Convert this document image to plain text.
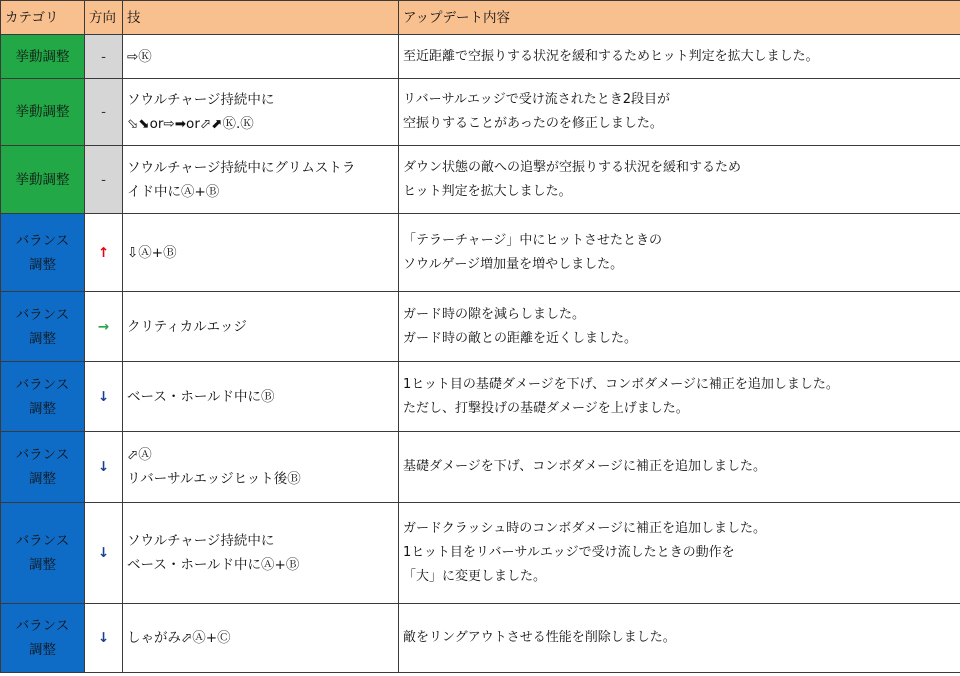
カテゴリ	方向	技	アップデート内容

挙動調整	-	⇨Ⓚ	至近距離で空振りする状況を緩和するためヒット判定を拡大しました。

挙動調整	-	ソウルチャージ持続中に
⬂⬊or⇨➡or⬀⬈Ⓚ.Ⓚ	リバーサルエッジで受け流されたとき2段目が
空振りすることがあったのを修正しました。

挙動調整	-	ソウルチャージ持続中にグリムストラ
イド中にⒶ+Ⓑ	ダウン状態の敵への追撃が空振りする状況を緩和するため
ヒット判定を拡大しました。

バランス
調整	↑	⇩Ⓐ+Ⓑ	「テラーチャージ」中にヒットさせたときの
ソウルゲージ増加量を増やしました。

バランス
調整	→	クリティカルエッジ	ガード時の隙を減らしました。
ガード時の敵との距離を近くしました。

バランス
調整	↓	ベース・ホールド中にⒷ	1ヒット目の基礎ダメージを下げ、コンボダメージに補正を追加しました。
ただし、打撃投げの基礎ダメージを上げました。

バランス
調整	↓	⬀Ⓐ
リバーサルエッジヒット後Ⓑ	基礎ダメージを下げ、コンボダメージに補正を追加しました。

バランス
調整	↓	ソウルチャージ持続中に
ベース・ホールド中にⒶ+Ⓑ	ガードクラッシュ時のコンボダメージに補正を追加しました。
1ヒット目をリバーサルエッジで受け流したときの動作を
「大」に変更しました。

バランス
調整	↓	しゃがみ⬀Ⓐ+Ⓒ	敵をリングアウトさせる性能を削除しました。
